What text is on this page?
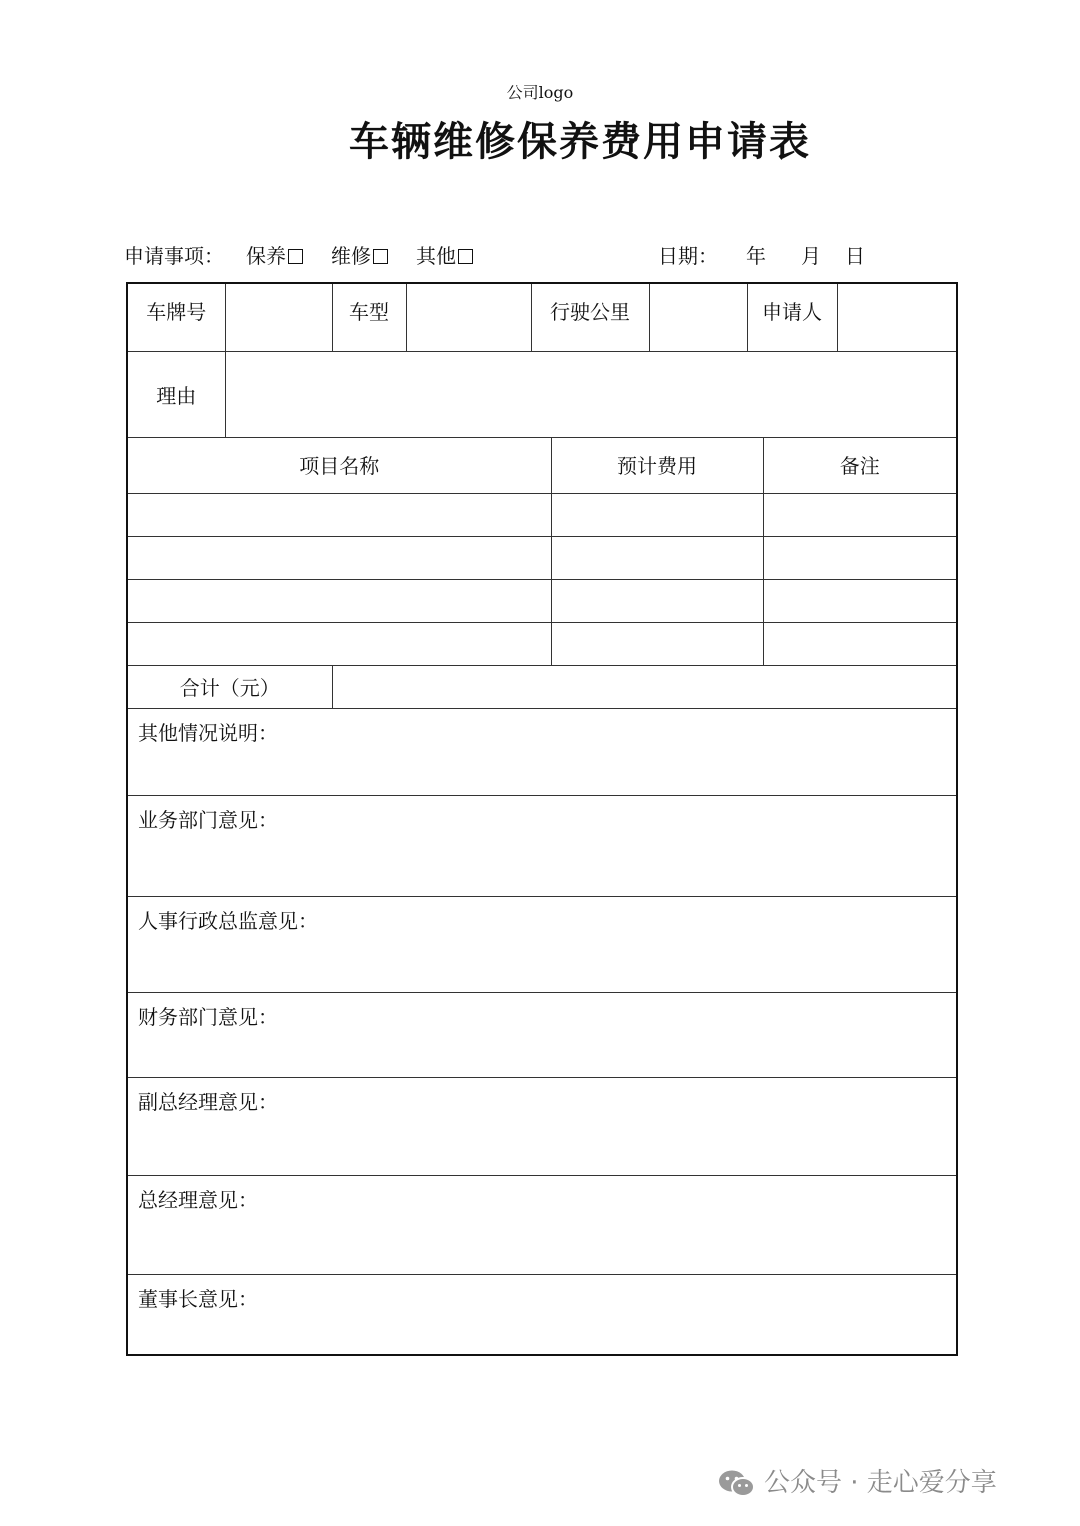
公司logo
车辆维修保养费用申请表
申请事项： 保养	维修	其他	日期： 年 月 日
车牌号		车型		行驶公里			申请人		
理由									
项目名称					预计费用			备注	

合计（元）									
其他情况说明：									
业务部门意见：									
人事行政总监意见：									
财务部门意见：									
副总经理意见：									
总经理意见：									
董事长意见：									
公众号 · 走心爱分享
